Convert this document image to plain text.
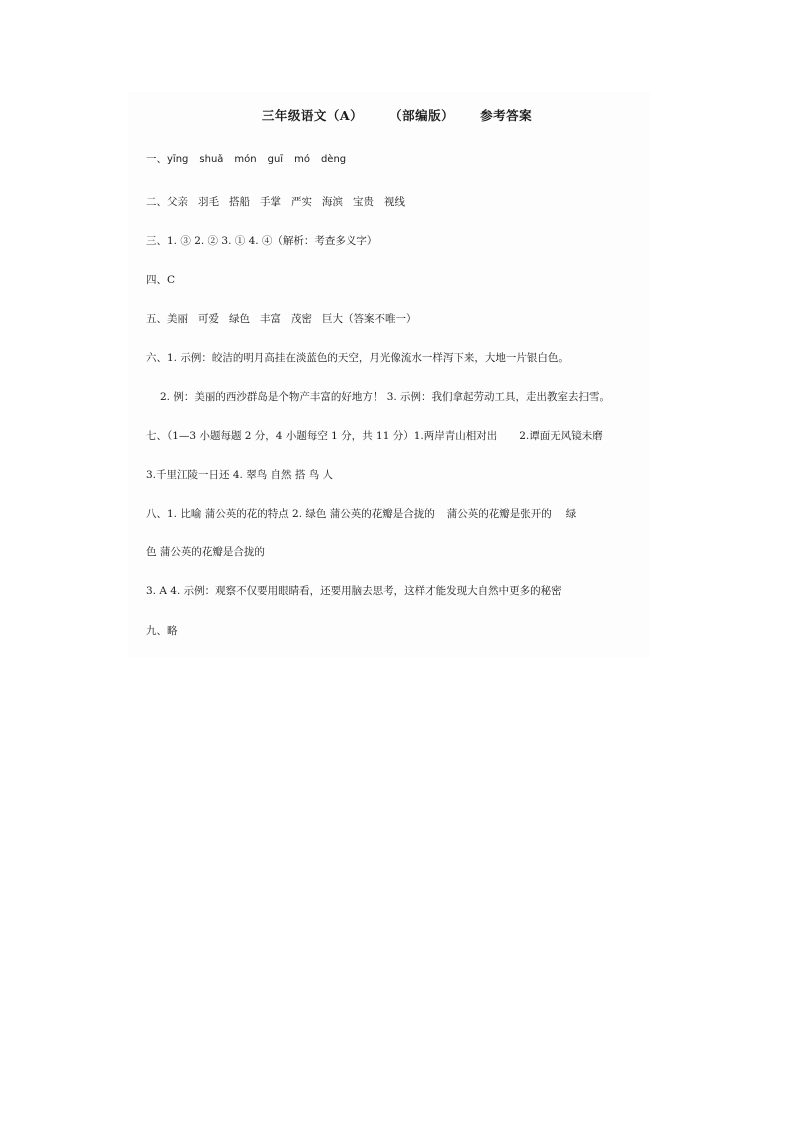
三年级语文（A） （部编版） 参考答案
一、yīng shuǎ món guī mó dèng
二、父亲 羽毛 搭船 手掌 严实 海滨 宝贵 视线
三、1. ③ 2. ② 3. ① 4. ④（解析：考查多义字）
四、C
五、美丽 可爱 绿色 丰富 茂密 巨大（答案不唯一）
六、1. 示例：皎洁的明月高挂在淡蓝色的天空，月光像流水一样泻下来，大地一片银白色。
2. 例：美丽的西沙群岛是个物产丰富的好地方！ 3. 示例：我们拿起劳动工具，走出教室去扫雪。
七、（1—3 小题每题 2 分，4 小题每空 1 分，共 11 分）1.两岸青山相对出 2.谭面无风镜未磨
3.千里江陵一日还 4. 翠鸟 自然 搭 鸟 人
八、1. 比喻 蒲公英的花的特点 2. 绿色 蒲公英的花瓣是合拢的 蒲公英的花瓣是张开的 绿
色 蒲公英的花瓣是合拢的
3. A 4. 示例：观察不仅要用眼睛看，还要用脑去思考，这样才能发现大自然中更多的秘密
九、略
